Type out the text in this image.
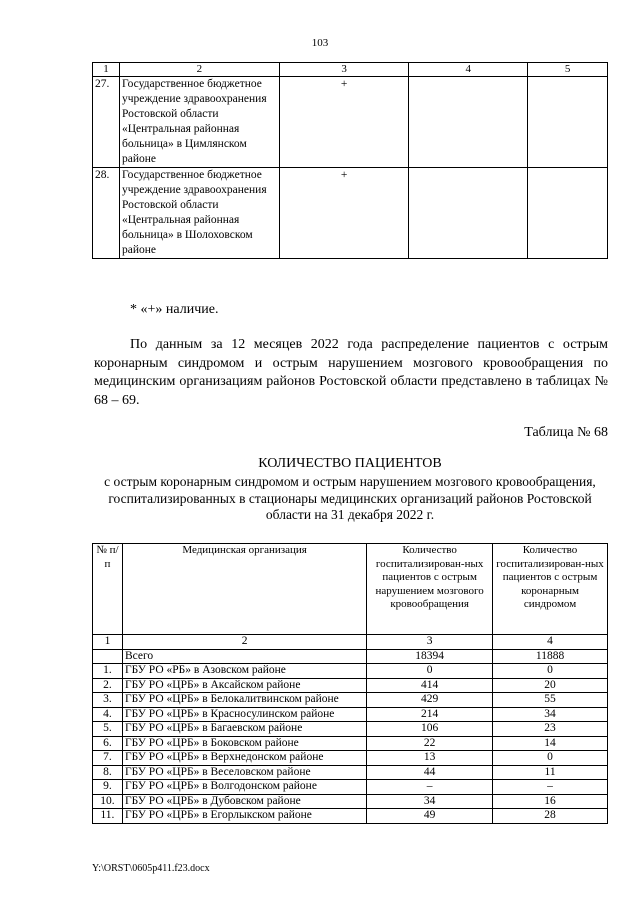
103
1	2	3	4	5
27.	Государственное бюджетное учреждение здравоохранения Ростовской области «Центральная районная больница» в Цимлянском районе	+		
28.	Государственное бюджетное учреждение здравоохранения Ростовской области «Центральная районная больница» в Шолоховском районе	+		
* «+» наличие.
По данным за 12 месяцев 2022 года распределение пациентов с острым коронарным синдромом и острым нарушением мозгового кровообращения по медицинским организациям районов Ростовской области представлено в таблицах № 68 – 69.
Таблица № 68
КОЛИЧЕСТВО ПАЦИЕНТОВ
с острым коронарным синдромом и острым нарушением мозгового кровообращения, госпитализированных в стационары медицинских организаций районов Ростовской области на 31 декабря 2022 г.
№ п/п	Медицинская организация	Количество госпитализирован-ных пациентов с острым нарушением мозгового кровообращения	Количество госпитализирован-ных пациентов с острым коронарным синдромом
1	2	3	4
	Всего	18394	11888
1.	ГБУ РО «РБ» в Азовском районе	0	0
2.	ГБУ РО «ЦРБ» в Аксайском районе	414	20
3.	ГБУ РО «ЦРБ» в Белокалитвинском районе	429	55
4.	ГБУ РО «ЦРБ» в Красносулинском районе	214	34
5.	ГБУ РО «ЦРБ» в Багаевском районе	106	23
6.	ГБУ РО «ЦРБ» в Боковском районе	22	14
7.	ГБУ РО «ЦРБ» в Верхнедонском районе	13	0
8.	ГБУ РО «ЦРБ» в Веселовском районе	44	11
9.	ГБУ РО «ЦРБ» в Волгодонском районе	–	–
10.	ГБУ РО «ЦРБ» в Дубовском районе	34	16
11.	ГБУ РО «ЦРБ» в Егорлыкском районе	49	28
Y:\ORST\0605p411.f23.docx
